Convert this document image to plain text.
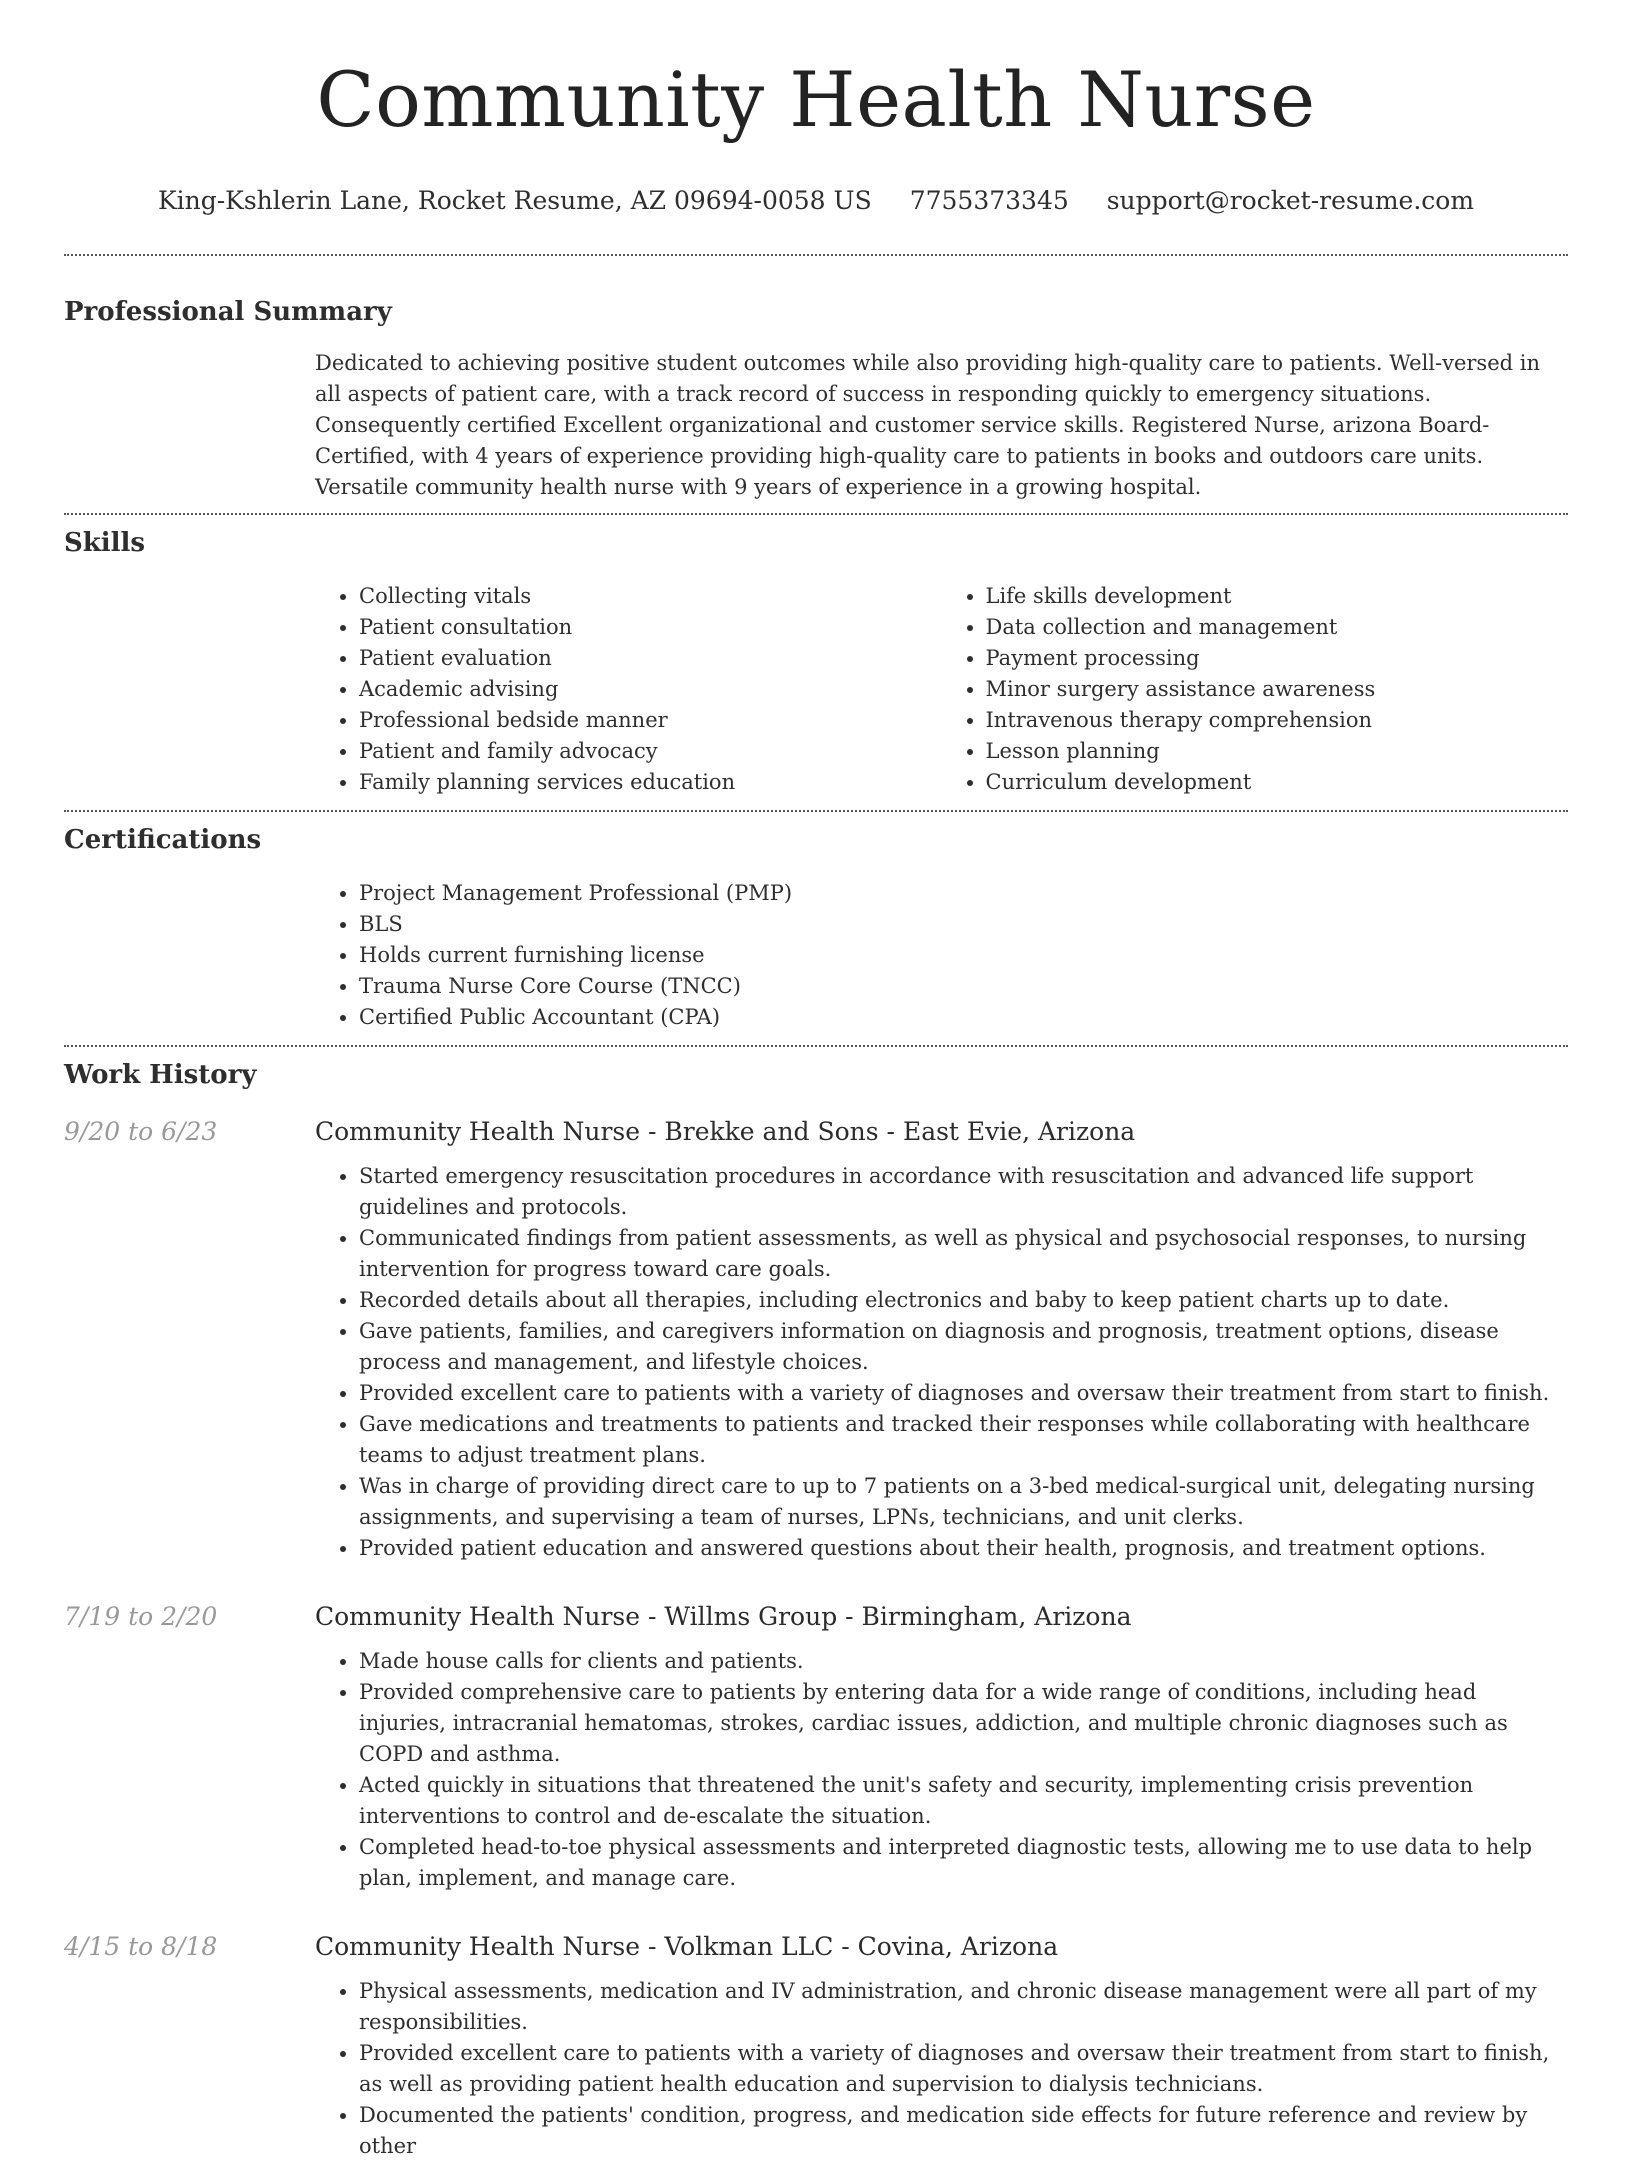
Community Health Nurse
King-Kshlerin Lane, Rocket Resume, AZ 09694-0058 US 7755373345 support@rocket-resume.com
Professional Summary

Dedicated to achieving positive student outcomes while also providing high-quality care to patients. Well-versed in all aspects of patient care, with a track record of success in responding quickly to emergency situations. Consequently certified Excellent organizational and customer service skills. Registered Nurse, arizona Board-Certified, with 4 years of experience providing high-quality care to patients in books and outdoors care units. Versatile community health nurse with 9 years of experience in a growing hospital.

Skills
• Collecting vitals
• Patient consultation
• Patient evaluation
• Academic advising
• Professional bedside manner
• Patient and family advocacy
• Family planning services education
• Life skills development
• Data collection and management
• Payment processing
• Minor surgery assistance awareness
• Intravenous therapy comprehension
• Lesson planning
• Curriculum development
Certifications
• Project Management Professional (PMP)
• BLS
• Holds current furnishing license
• Trauma Nurse Core Course (TNCC)
• Certified Public Accountant (CPA)
Work History
9/20 to 6/23	Community Health Nurse - Brekke and Sons - East Evie, Arizona
• Started emergency resuscitation procedures in accordance with resuscitation and advanced life support guidelines and protocols.
• Communicated findings from patient assessments, as well as physical and psychosocial responses, to nursing intervention for progress toward care goals.
• Recorded details about all therapies, including electronics and baby to keep patient charts up to date.
• Gave patients, families, and caregivers information on diagnosis and prognosis, treatment options, disease process and management, and lifestyle choices.
• Provided excellent care to patients with a variety of diagnoses and oversaw their treatment from start to finish.
• Gave medications and treatments to patients and tracked their responses while collaborating with healthcare teams to adjust treatment plans.
• Was in charge of providing direct care to up to 7 patients on a 3-bed medical-surgical unit, delegating nursing assignments, and supervising a team of nurses, LPNs, technicians, and unit clerks.
• Provided patient education and answered questions about their health, prognosis, and treatment options.
7/19 to 2/20	Community Health Nurse - Willms Group - Birmingham, Arizona
• Made house calls for clients and patients.
• Provided comprehensive care to patients by entering data for a wide range of conditions, including head injuries, intracranial hematomas, strokes, cardiac issues, addiction, and multiple chronic diagnoses such as COPD and asthma.
• Acted quickly in situations that threatened the unit's safety and security, implementing crisis prevention interventions to control and de-escalate the situation.
• Completed head-to-toe physical assessments and interpreted diagnostic tests, allowing me to use data to help plan, implement, and manage care.
4/15 to 8/18	Community Health Nurse - Volkman LLC - Covina, Arizona
• Physical assessments, medication and IV administration, and chronic disease management were all part of my responsibilities.
• Provided excellent care to patients with a variety of diagnoses and oversaw their treatment from start to finish, as well as providing patient health education and supervision to dialysis technicians.
• Documented the patients' condition, progress, and medication side effects for future reference and review by other
